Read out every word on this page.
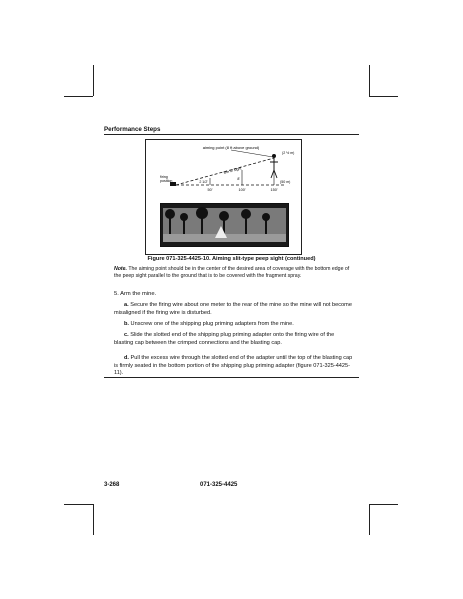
Performance Steps
aiming point (8 ft above ground)
firing position
line of sight
2 1/2'
8'
50'	100'	150'
(2 ½ m)
(50 m)
Figure 071-325-4425-10. Aiming slit-type peep sight (continued)
Note. The aiming point should be in the center of the desired area of coverage with the bottom edge of the peep sight parallel to the ground that is to be covered with the fragment spray.
5. Arm the mine.
a. Secure the firing wire about one meter to the rear of the mine so the mine will not become misaligned if the firing wire is disturbed.
b. Unscrew one of the shipping plug priming adapters from the mine.
c. Slide the slotted end of the shipping plug priming adapter onto the firing wire of the blasting cap between the crimped connections and the blasting cap.
d. Pull the excess wire through the slotted end of the adapter until the top of the blasting cap is firmly seated in the bottom portion of the shipping plug priming adapter (figure 071-325-4425-11).
3-268	071-325-4425
